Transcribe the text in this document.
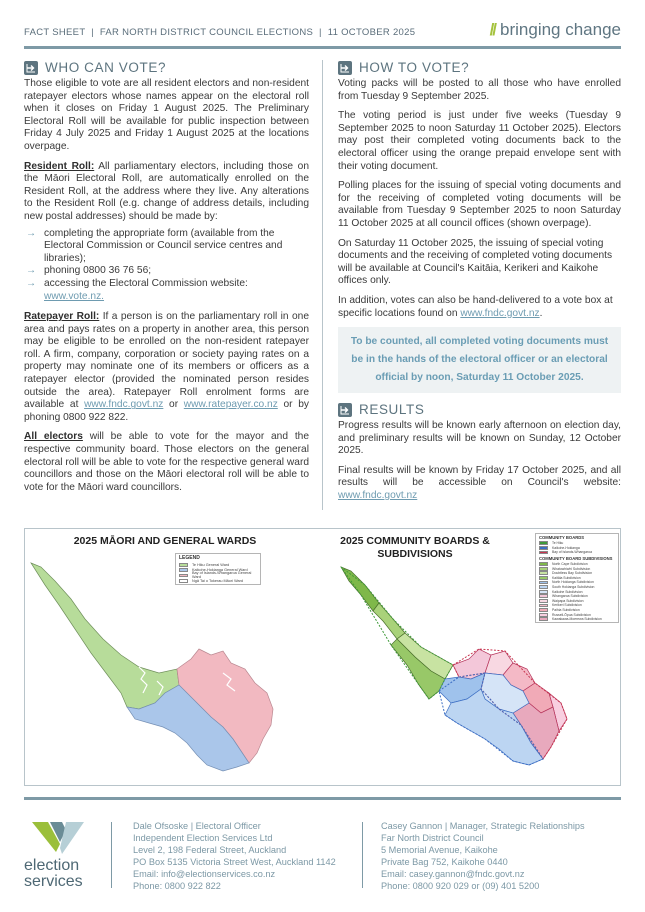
FACT SHEET | FAR NORTH DISTRICT COUNCIL ELECTIONS | 11 OCTOBER 2025	// bringing change
WHO CAN VOTE?

Those eligible to vote are all resident electors and non-resident ratepayer electors whose names appear on the electoral roll when it closes on Friday 1 August 2025. The Preliminary Electoral Roll will be available for public inspection between Friday 4 July 2025 and Friday 1 August 2025 at the locations overpage.

Resident Roll: All parliamentary electors, including those on the Māori Electoral Roll, are automatically enrolled on the Resident Roll, at the address where they live. Any alterations to the Resident Roll (e.g. change of address details, including new postal addresses) should be made by:

→ completing the appropriate form (available from the Electoral Commission or Council service centres and libraries);
→ phoning 0800 36 76 56;
→ accessing the Electoral Commission website:
www.vote.nz.

Ratepayer Roll: If a person is on the parliamentary roll in one area and pays rates on a property in another area, this person may be eligible to be enrolled on the non-resident ratepayer roll. A firm, company, corporation or society paying rates on a property may nominate one of its members or officers as a ratepayer elector (provided the nominated person resides outside the area). Ratepayer Roll enrolment forms are available at www.fndc.govt.nz or www.ratepayer.co.nz or by phoning 0800 922 822.

All electors will be able to vote for the mayor and the respective community board. Those electors on the general electoral roll will be able to vote for the respective general ward councillors and those on the Māori electoral roll will be able to vote for the Māori ward councillors.

HOW TO VOTE?

Voting packs will be posted to all those who have enrolled from Tuesday 9 September 2025.

The voting period is just under five weeks (Tuesday 9 September 2025 to noon Saturday 11 October 2025). Electors may post their completed voting documents back to the electoral officer using the orange prepaid envelope sent with their voting document.

Polling places for the issuing of special voting documents and for the receiving of completed voting documents will be available from Tuesday 9 September 2025 to noon Saturday 11 October 2025 at all council offices (shown overpage).

On Saturday 11 October 2025, the issuing of special voting documents and the receiving of completed voting documents will be available at Council's Kaitāia, Kerikeri and Kaikohe offices only.

In addition, votes can also be hand-delivered to a vote box at specific locations found on www.fndc.govt.nz.

To be counted, all completed voting documents must be in the hands of the electoral officer or an electoral official by noon, Saturday 11 October 2025.
RESULTS

Progress results will be known early afternoon on election day, and preliminary results will be known on Sunday, 12 October 2025.

Final results will be known by Friday 17 October 2025, and all results will be accessible on Council's website: www.fndc.govt.nz

2025 MĀORI AND GENERAL WARDS
LEGEND
Te Hiku General Ward
Kaikohe-Hokianga General Ward
Bay of Islands-Whangaroa General Ward
Ngā Tai o Tokerau Māori Ward
2025 COMMUNITY BOARDS & SUBDIVISIONS
COMMUNITY BOARDS
Te Hiku
Kaikohe-Hokianga
Bay of Islands-Whangaroa
COMMUNITY BOARD SUBDIVISIONS
North Cape Subdivision
Whatuwhiwhi Subdivision
Doubtless Bay Subdivision
Kaitāia Subdivision
North Hokianga Subdivision
South Hokianga Subdivision
Kaikohe Subdivision
Whangaroa Subdivision
Waipapa Subdivision
Kerikeri Subdivision
Paihia Subdivision
Russell-Ōpua Subdivision
Kawakawa-Moerewa Subdivision
election
services
Dale Ofsoske | Electoral Officer
Independent Election Services Ltd
Level 2, 198 Federal Street, Auckland
PO Box 5135 Victoria Street West, Auckland 1142
Email: info@electionservices.co.nz
Phone: 0800 922 822
Casey Gannon | Manager, Strategic Relationships
Far North District Council
5 Memorial Avenue, Kaikohe
Private Bag 752, Kaikohe 0440
Email: casey.gannon@fndc.govt.nz
Phone: 0800 920 029 or (09) 401 5200
